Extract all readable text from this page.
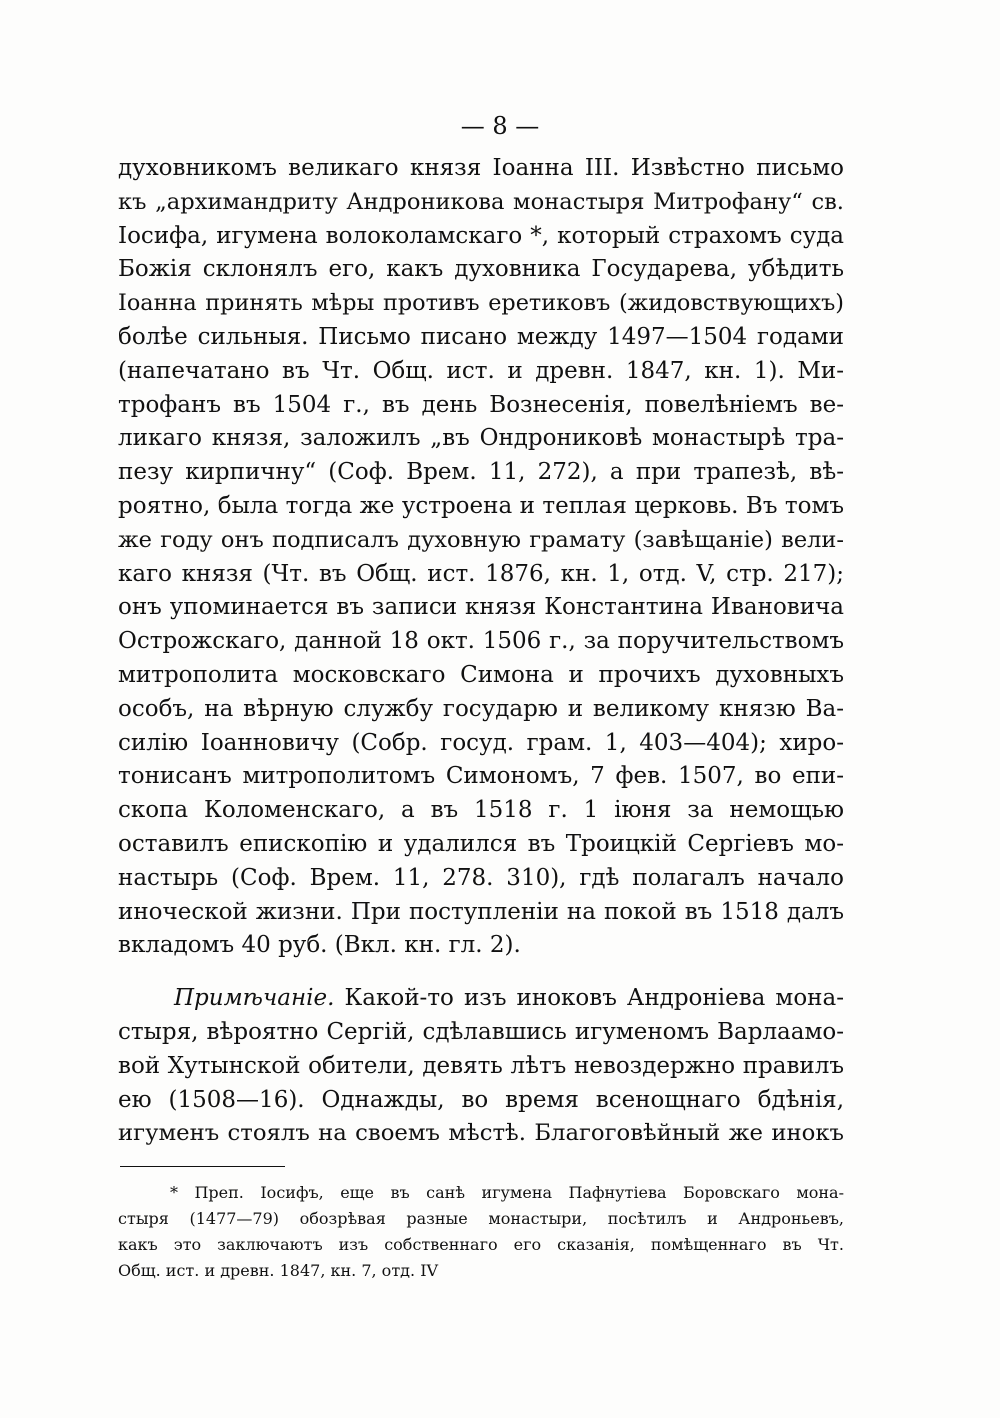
— 8 —
духовникомъ великаго князя Іоанна III. Извѣстно письмо
къ „архимандриту Андроникова монастыря Митрофану“ св.
Іосифа, игумена волоколамскаго *, который страхомъ суда
Божія склонялъ его, какъ духовника Государева, убѣдить
Іоанна принять мѣры противъ еретиковъ (жидовствующихъ)
болѣе сильныя. Письмо писано между 1497—1504 годами
(напечатано въ Чт. Общ. ист. и древн. 1847, кн. 1). Ми-
трофанъ въ 1504 г., въ день Вознесенія, повелѣніемъ ве-
ликаго князя, заложилъ „въ Ондрониковѣ монастырѣ тра-
пезу кирпичну“ (Соф. Врем. 11, 272), а при трапезѣ, вѣ-
роятно, была тогда же устроена и теплая церковь. Въ томъ
же году онъ подписалъ духовную грамату (завѣщаніе) вели-
каго князя (Чт. въ Общ. ист. 1876, кн. 1, отд. V, стр. 217);
онъ упоминается въ записи князя Константина Ивановича
Острожскаго, данной 18 окт. 1506 г., за поручительствомъ
митрополита московскаго Симона и прочихъ духовныхъ
особъ, на вѣрную службу государю и великому князю Ва-
силію Іоанновичу (Собр. госуд. грам. 1, 403—404); хиро-
тонисанъ митрополитомъ Симономъ, 7 фев. 1507, во епи-
скопа Коломенскаго, а въ 1518 г. 1 іюня за немощью
оставилъ епископію и удалился въ Троицкій Сергіевъ мо-
настырь (Соф. Врем. 11, 278. 310), гдѣ полагалъ начало
иноческой жизни. При поступленіи на покой въ 1518 далъ
вкладомъ 40 руб. (Вкл. кн. гл. 2).
Примѣчаніе. Какой-то изъ иноковъ Андроніева мона-
стыря, вѣроятно Сергій, сдѣлавшись игуменомъ Варлаамо-
вой Хутынской обители, девять лѣтъ невоздержно правилъ
ею (1508—16). Однажды, во время всенощнаго бдѣнія,
игуменъ стоялъ на своемъ мѣстѣ. Благоговѣйный же инокъ
* Преп. Іосифъ, еще въ санѣ игумена Пафнутіева Боровскаго мона-
стыря (1477—79) обозрѣвая разные монастыри, посѣтилъ и Андроньевъ,
какъ это заключаютъ изъ собственнаго его сказанія, помѣщеннаго въ Чт.
Общ. ист. и древн. 1847, кн. 7, отд. IV
